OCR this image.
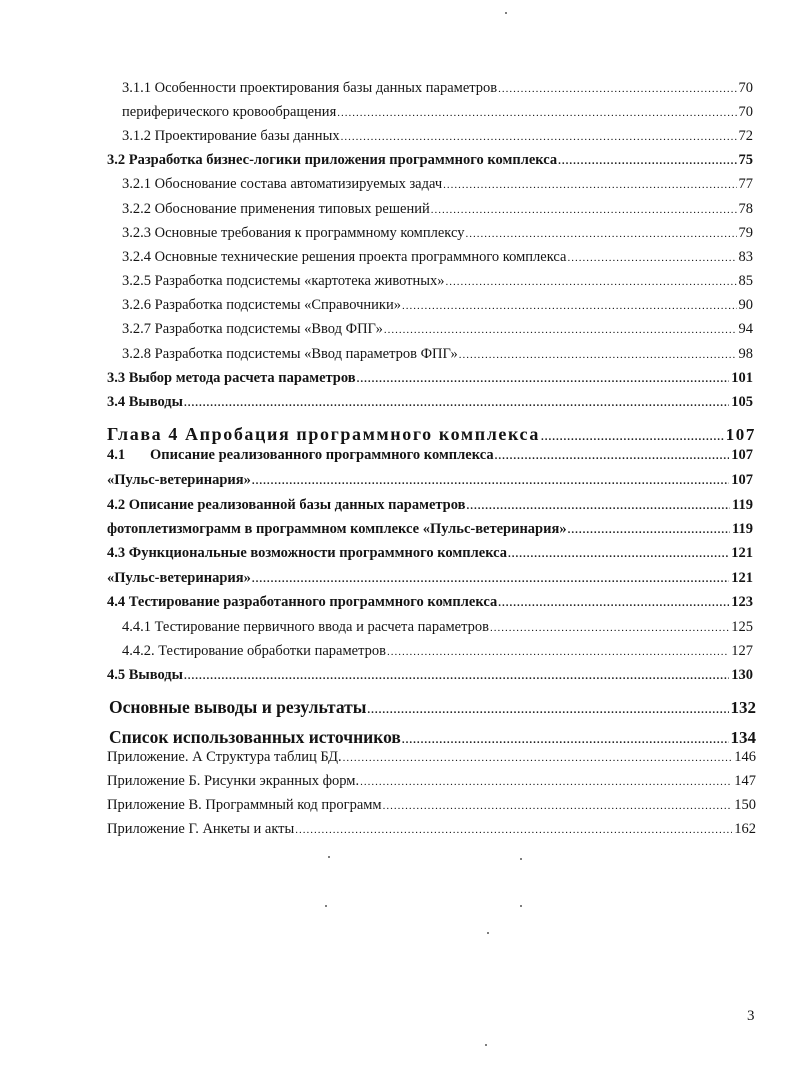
3.1.1 Особенности проектирования базы данных параметров .....	70
периферического кровообращения .....	70
3.1.2 Проектирование базы данных .....	72
3.2 Разработка бизнес-логики приложения программного комплекса .....	75
3.2.1 Обоснование состава автоматизируемых задач .....	77
3.2.2 Обоснование применения типовых решений .....	78
3.2.3 Основные требования к программному комплексу .....	79
3.2.4 Основные технические решения проекта программного комплекса .....	83
3.2.5 Разработка подсистемы «картотека животных» .....	85
3.2.6 Разработка подсистемы «Справочники» .....	90
3.2.7 Разработка подсистемы «Ввод ФПГ» .....	94
3.2.8 Разработка подсистемы «Ввод параметров ФПГ» .....	98
3.3 Выбор метода расчета параметров .....	101
3.4 Выводы .....	105
Глава 4 Апробация программного комплекса .....	107
4.1 Описание реализованного программного комплекса .....	107
«Пульс-ветеринария» .....	107
4.2 Описание реализованной базы данных параметров .....	119
фотоплетизмограмм в программном комплексе «Пульс-ветеринария» .....	119
4.3 Функциональные возможности программного комплекса .....	121
«Пульс-ветеринария» .....	121
4.4 Тестирование разработанного программного комплекса .....	123
4.4.1 Тестирование первичного ввода и расчета параметров .....	125
4.4.2. Тестирование обработки параметров .....	127
4.5 Выводы .....	130
Основные выводы и результаты .....	132
Список использованных источников .....	134
Приложение. А Структура таблиц БД. .....	146
Приложение Б. Рисунки экранных форм. .....	147
Приложение В. Программный код программ .....	150
Приложение Г. Анкеты и акты .....	162
3
